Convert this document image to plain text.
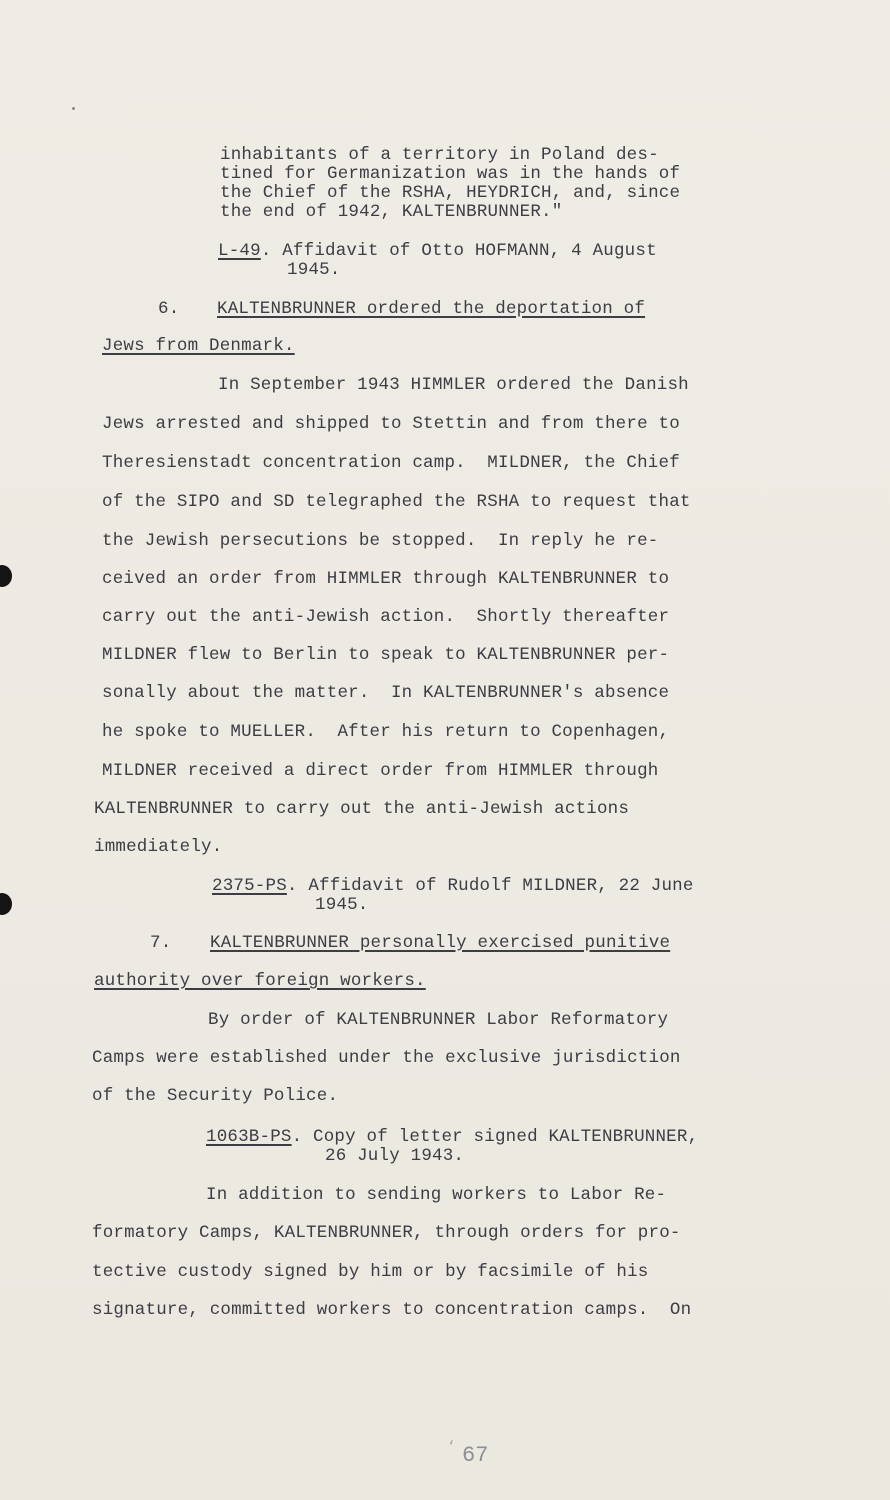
inhabitants of a territory in Poland des-
tined for Germanization was in the hands of
the Chief of the RSHA, HEYDRICH, and, since
the end of 1942, KALTENBRUNNER."
L-49. Affidavit of Otto HOFMANN, 4 August
1945.
6. KALTENBRUNNER ordered the deportation of
Jews from Denmark.
In September 1943 HIMMLER ordered the Danish
Jews arrested and shipped to Stettin and from there to
Theresienstadt concentration camp.  MILDNER, the Chief
of the SIPO and SD telegraphed the RSHA to request that
the Jewish persecutions be stopped.  In reply he re-
ceived an order from HIMMLER through KALTENBRUNNER to
carry out the anti-Jewish action.  Shortly thereafter
MILDNER flew to Berlin to speak to KALTENBRUNNER per-
sonally about the matter.  In KALTENBRUNNER's absence
he spoke to MUELLER.  After his return to Copenhagen,
MILDNER received a direct order from HIMMLER through
KALTENBRUNNER to carry out the anti-Jewish actions
immediately.
2375-PS. Affidavit of Rudolf MILDNER, 22 June
1945.
7. KALTENBRUNNER personally exercised punitive
authority over foreign workers.
By order of KALTENBRUNNER Labor Reformatory
Camps were established under the exclusive jurisdiction
of the Security Police.
1063B-PS. Copy of letter signed KALTENBRUNNER,
26 July 1943.
In addition to sending workers to Labor Re-
formatory Camps, KALTENBRUNNER, through orders for pro-
tective custody signed by him or by facsimile of his
signature, committed workers to concentration camps.  On
‘ 67
